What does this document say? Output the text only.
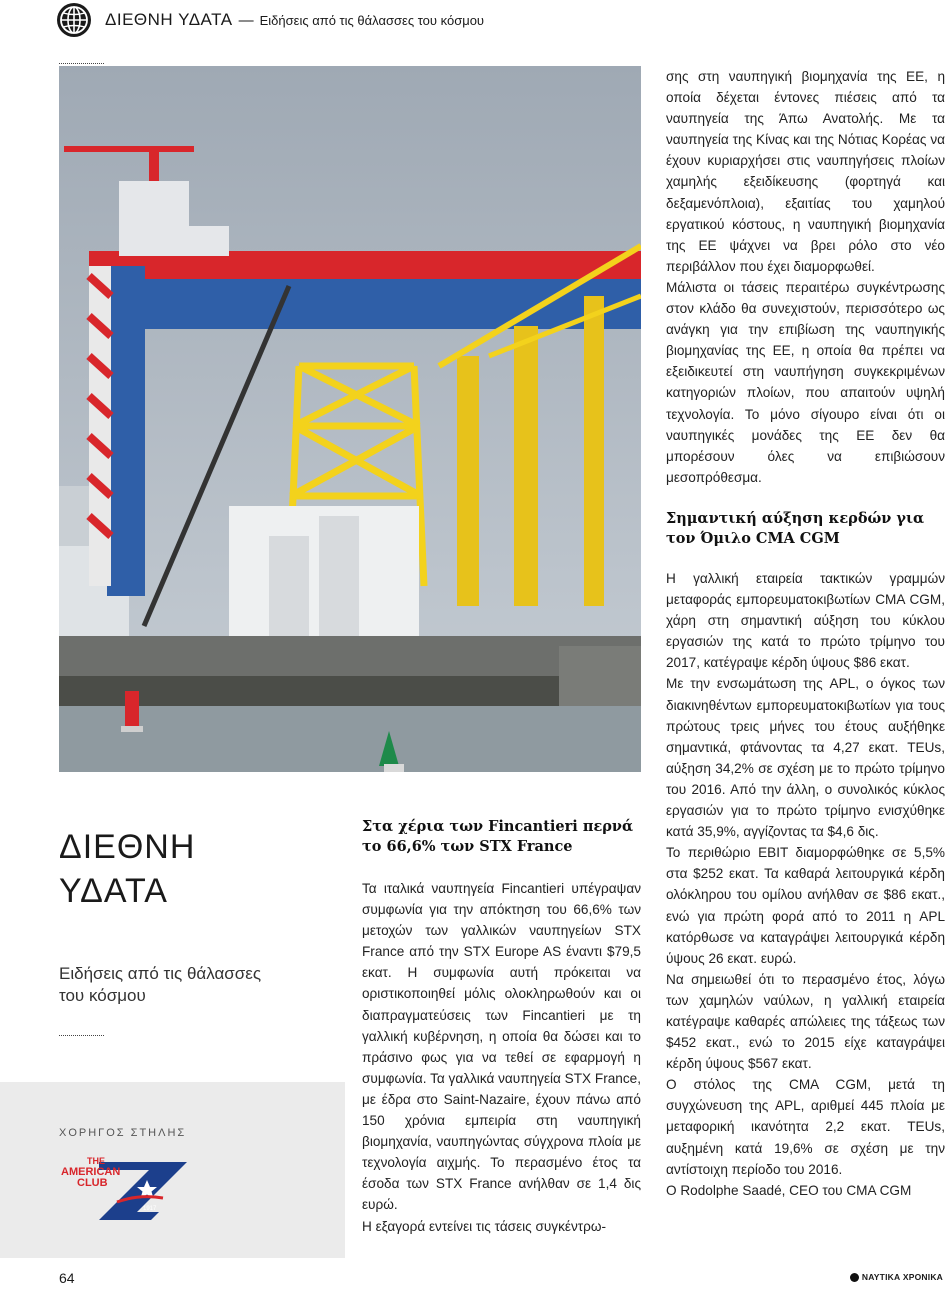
ΔΙΕΘΝΗ ΥΔΑΤΑ — Ειδήσεις από τις θάλασσες του κόσμου
ΔΙΕΘΝΗ
ΥΔΑΤΑ
Ειδήσεις από τις θάλασσες του κόσμου
ΧΟΡΗΓΟΣ ΣΤΗΛΗΣ
THE
AMERICAN
CLUB
1917
Στα χέρια των Fincantieri περνά το 66,6% των STX France

Τα ιταλικά ναυπηγεία Fincantieri υπέγραψαν συμφωνία για την απόκτηση του 66,6% των μετοχών των γαλλικών ναυπηγείων STX France από την STX Europe AS έναντι $79,5 εκατ. Η συμφωνία αυτή πρόκειται να οριστικοποιηθεί μόλις ολοκληρωθούν και οι διαπραγματεύσεις των Fincantieri με τη γαλλική κυβέρνηση, η οποία θα δώσει και το πράσινο φως για να τεθεί σε εφαρμογή η συμφωνία. Τα γαλλικά ναυπηγεία STX France, με έδρα στο Saint-Nazaire, έχουν πάνω από 150 χρόνια εμπειρία στη ναυπηγική βιομηχανία, ναυπηγώντας σύγχρονα πλοία με τεχνολογία αιχμής. Το περασμένο έτος τα έσοδα των STX France ανήλθαν σε 1,4 δις ευρώ.

Η εξαγορά εντείνει τις τάσεις συγκέντρω-

σης στη ναυπηγική βιομηχανία της ΕΕ, η οποία δέχεται έντονες πιέσεις από τα ναυπηγεία της Άπω Ανατολής. Με τα ναυπηγεία της Κίνας και της Νότιας Κορέας να έχουν κυριαρχήσει στις ναυπηγήσεις πλοίων χαμηλής εξειδίκευσης (φορτηγά και δεξαμενόπλοια), εξαιτίας του χαμηλού εργατικού κόστους, η ναυπηγική βιομηχανία της ΕΕ ψάχνει να βρει ρόλο στο νέο περιβάλλον που έχει διαμορφωθεί.

Μάλιστα οι τάσεις περαιτέρω συγκέντρωσης στον κλάδο θα συνεχιστούν, περισσότερο ως ανάγκη για την επιβίωση της ναυπηγικής βιομηχανίας της ΕΕ, η οποία θα πρέπει να εξειδικευτεί στη ναυπήγηση συγκεκριμένων κατηγοριών πλοίων, που απαιτούν υψηλή τεχνολογία. Το μόνο σίγουρο είναι ότι οι ναυπηγικές μονάδες της ΕΕ δεν θα μπορέσουν όλες να επιβιώσουν μεσοπρόθεσμα.

Σημαντική αύξηση κερδών για τον Όμιλο CMA CGM

Η γαλλική εταιρεία τακτικών γραμμών μεταφοράς εμπορευματοκιβωτίων CMA CGM, χάρη στη σημαντική αύξηση του κύκλου εργασιών της κατά το πρώτο τρίμηνο του 2017, κατέγραψε κέρδη ύψους $86 εκατ.

Με την ενσωμάτωση της APL, ο όγκος των διακινηθέντων εμπορευματοκιβωτίων για τους πρώτους τρεις μήνες του έτους αυξήθηκε σημαντικά, φτάνοντας τα 4,27 εκατ. TEUs, αύξηση 34,2% σε σχέση με το πρώτο τρίμηνο του 2016. Από την άλλη, ο συνολικός κύκλος εργασιών για το πρώτο τρίμηνο ενισχύθηκε κατά 35,9%, αγγίζοντας τα $4,6 δις.

Το περιθώριο EBIT διαμορφώθηκε σε 5,5% στα $252 εκατ. Τα καθαρά λειτουργικά κέρδη ολόκληρου του ομίλου ανήλθαν σε $86 εκατ., ενώ για πρώτη φορά από το 2011 η APL κατόρθωσε να καταγράψει λειτουργικά κέρδη ύψους 26 εκατ. ευρώ.

Να σημειωθεί ότι το περασμένο έτος, λόγω των χαμηλών ναύλων, η γαλλική εταιρεία κατέγραψε καθαρές απώλειες της τάξεως των $452 εκατ., ενώ το 2015 είχε καταγράψει κέρδη ύψους $567 εκατ.

Ο στόλος της CMA CGM, μετά τη συγχώνευση της APL, αριθμεί 445 πλοία με μεταφορική ικανότητα 2,2 εκατ. TEUs, αυξημένη κατά 19,6% σε σχέση με την αντίστοιχη περίοδο του 2016.

Ο Rodolphe Saadé, CEO του CMA CGM

64	ΝΑΥΤΙΚΑ ΧΡΟΝΙΚΑ
